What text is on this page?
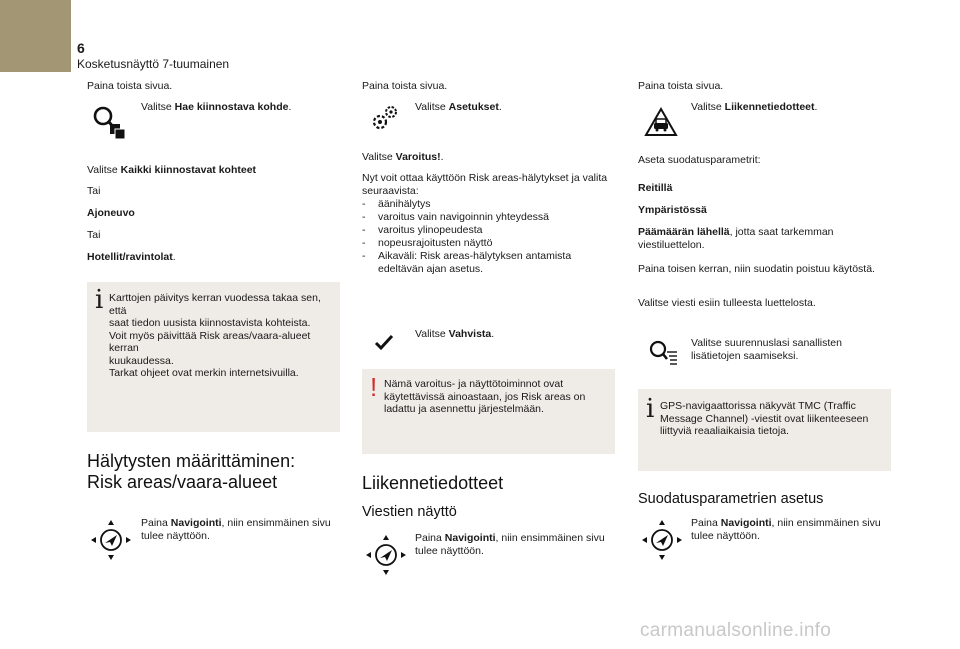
6
Kosketusnäyttö 7-tuumainen
Paina toista sivua.
Valitse Hae kiinnostava kohde.
Valitse Kaikki kiinnostavat kohteet
Tai
Ajoneuvo
Tai
Hotellit/ravintolat.
i Karttojen päivitys kerran vuodessa takaa sen, että
saat tiedon uusista kiinnostavista kohteista.
Voit myös päivittää Risk areas/vaara-alueet kerran
kuukaudessa.
Tarkat ohjeet ovat merkin internetsivuilla.
Hälytysten määrittäminen:
Risk areas/vaara-alueet
Paina Navigointi, niin ensimmäinen sivu
tulee näyttöön.
Paina toista sivua.
Valitse Asetukset.
Valitse Varoitus!.
Nyt voit ottaa käyttöön Risk areas-hälytykset ja valita
seuraavista:
- äänihälytys
- varoitus vain navigoinnin yhteydessä
- varoitus ylinopeudesta
- nopeusrajoitusten näyttö
- Aikaväli: Risk areas-hälytyksen antamista edeltävän ajan asetus.
Valitse Vahvista.
! Nämä varoitus- ja näyttötoiminnot ovat
käytettävissä ainoastaan, jos Risk areas on
ladattu ja asennettu järjestelmään.
Liikennetiedotteet
Viestien näyttö
Paina Navigointi, niin ensimmäinen sivu
tulee näyttöön.
Paina toista sivua.
Valitse Liikennetiedotteet.
Aseta suodatusparametrit:
Reitillä
Ympäristössä
Päämäärän lähellä, jotta saat tarkemman
viestiluettelon.
Paina toisen kerran, niin suodatin poistuu käytöstä.
Valitse viesti esiin tulleesta luettelosta.
Valitse suurennuslasi sanallisten
lisätietojen saamiseksi.
i GPS-navigaattorissa näkyvät TMC (Traffic
Message Channel) -viestit ovat liikenteeseen
liittyviä reaaliaikaisia tietoja.
Suodatusparametrien asetus
Paina Navigointi, niin ensimmäinen sivu
tulee näyttöön.
carmanualsonline.info
